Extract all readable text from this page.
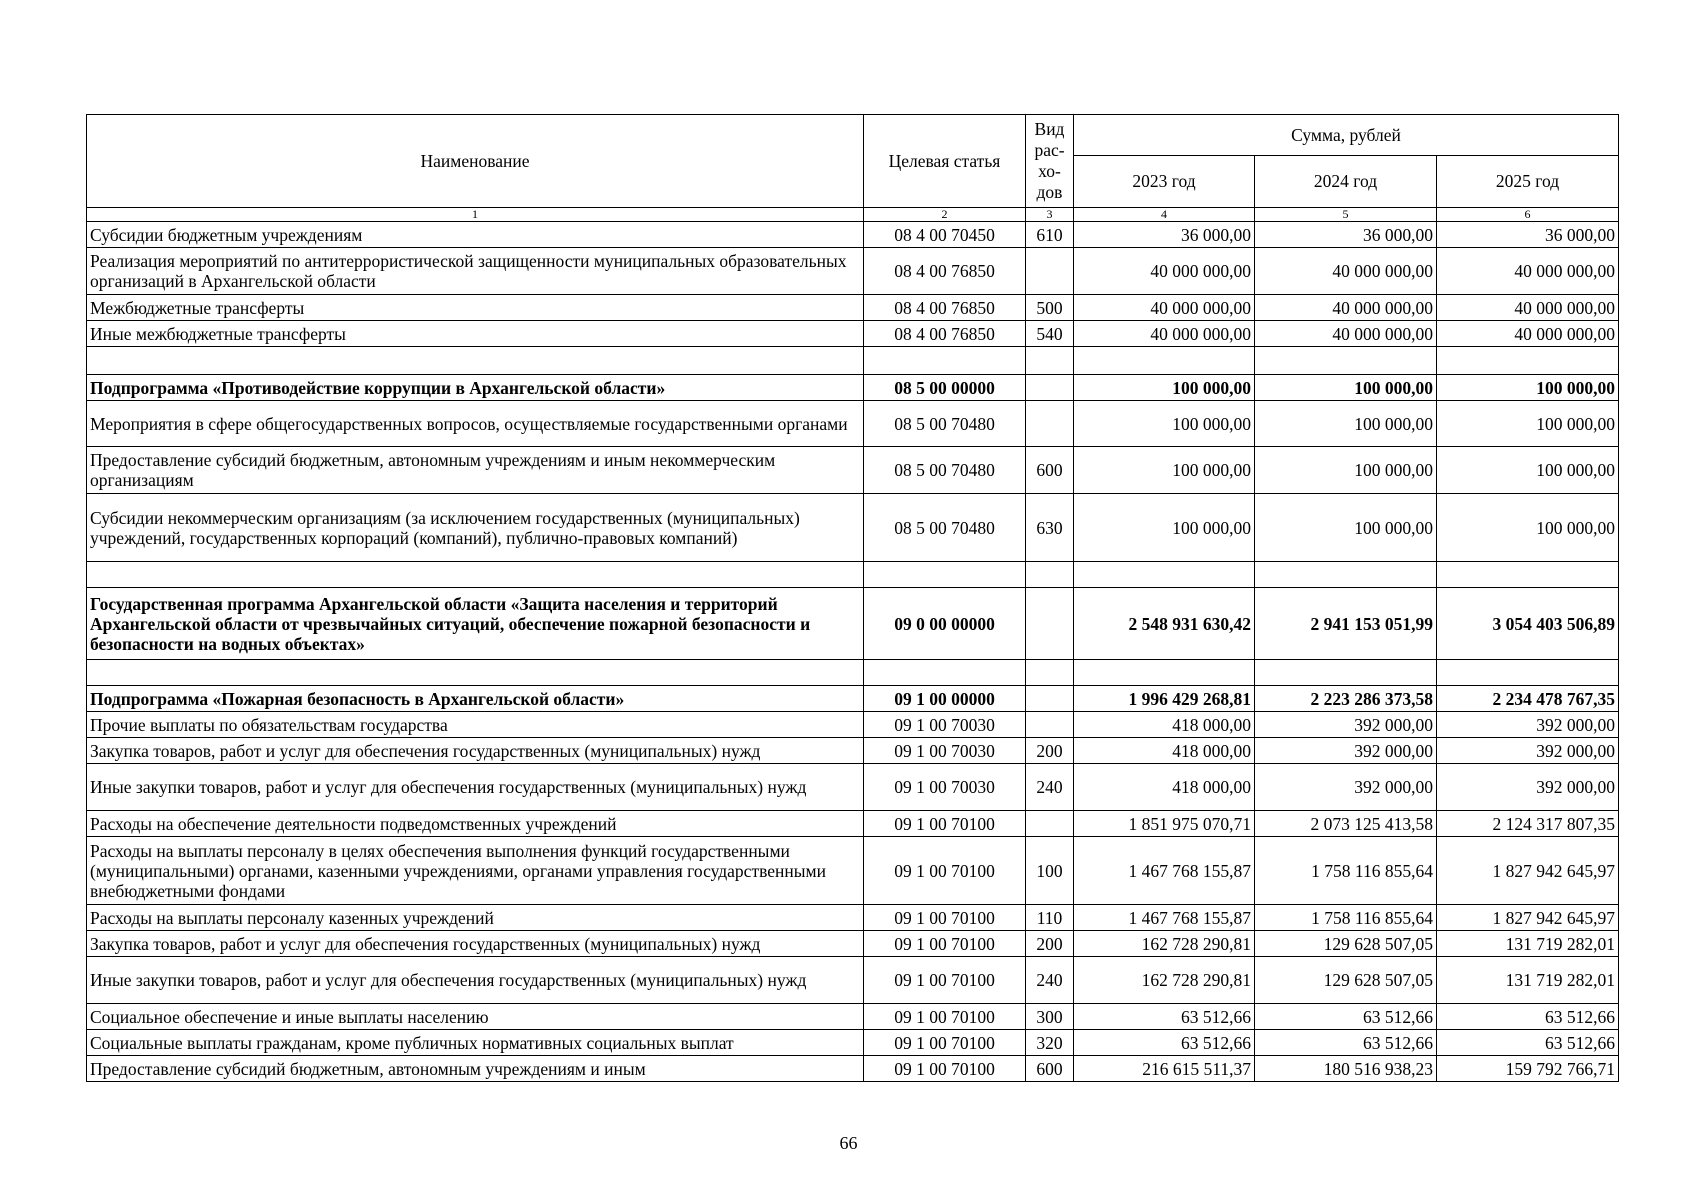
Наименование	Целевая статья	Вид
рас-
хо-
дов	Сумма, рублей		
			2023 год	2024 год	2025 год
1	2	3	4	5	6
Субсидии бюджетным учреждениям	08 4 00 70450	610	36 000,00	36 000,00	36 000,00
Реализация мероприятий по антитеррористической защищенности муниципальных образовательных организаций в Архангельской области	08 4 00 76850		40 000 000,00	40 000 000,00	40 000 000,00
Межбюджетные трансферты	08 4 00 76850	500	40 000 000,00	40 000 000,00	40 000 000,00
Иные межбюджетные трансферты	08 4 00 76850	540	40 000 000,00	40 000 000,00	40 000 000,00

Подпрограмма «Противодействие коррупции в Архангельской области»	08 5 00 00000		100 000,00	100 000,00	100 000,00
Мероприятия в сфере общегосударственных вопросов, осуществляемые государственными органами	08 5 00 70480		100 000,00	100 000,00	100 000,00
Предоставление субсидий бюджетным, автономным учреждениям и иным некоммерческим организациям	08 5 00 70480	600	100 000,00	100 000,00	100 000,00
Субсидии некоммерческим организациям (за исключением государственных (муниципальных) учреждений, государственных корпораций (компаний), публично-правовых компаний)	08 5 00 70480	630	100 000,00	100 000,00	100 000,00

Государственная программа Архангельской области «Защита населения и территорий Архангельской области от чрезвычайных ситуаций, обеспечение пожарной безопасности и безопасности на водных объектах»	09 0 00 00000		2 548 931 630,42	2 941 153 051,99	3 054 403 506,89

Подпрограмма «Пожарная безопасность в Архангельской области»	09 1 00 00000		1 996 429 268,81	2 223 286 373,58	2 234 478 767,35
Прочие выплаты по обязательствам государства	09 1 00 70030		418 000,00	392 000,00	392 000,00
Закупка товаров, работ и услуг для обеспечения государственных (муниципальных) нужд	09 1 00 70030	200	418 000,00	392 000,00	392 000,00
Иные закупки товаров, работ и услуг для обеспечения государственных (муниципальных) нужд	09 1 00 70030	240	418 000,00	392 000,00	392 000,00
Расходы на обеспечение деятельности подведомственных учреждений	09 1 00 70100		1 851 975 070,71	2 073 125 413,58	2 124 317 807,35
Расходы на выплаты персоналу в целях обеспечения выполнения функций государственными (муниципальными) органами, казенными учреждениями, органами управления государственными внебюджетными фондами	09 1 00 70100	100	1 467 768 155,87	1 758 116 855,64	1 827 942 645,97
Расходы на выплаты персоналу казенных учреждений	09 1 00 70100	110	1 467 768 155,87	1 758 116 855,64	1 827 942 645,97
Закупка товаров, работ и услуг для обеспечения государственных (муниципальных) нужд	09 1 00 70100	200	162 728 290,81	129 628 507,05	131 719 282,01
Иные закупки товаров, работ и услуг для обеспечения государственных (муниципальных) нужд	09 1 00 70100	240	162 728 290,81	129 628 507,05	131 719 282,01
Социальное обеспечение и иные выплаты населению	09 1 00 70100	300	63 512,66	63 512,66	63 512,66
Социальные выплаты гражданам, кроме публичных нормативных социальных выплат	09 1 00 70100	320	63 512,66	63 512,66	63 512,66
Предоставление субсидий бюджетным, автономным учреждениям и иным	09 1 00 70100	600	216 615 511,37	180 516 938,23	159 792 766,71
66
